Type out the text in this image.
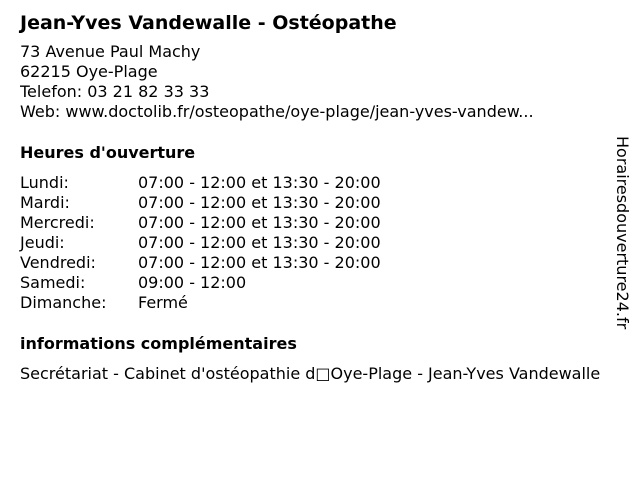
Jean-Yves Vandewalle - Ostéopathe
73 Avenue Paul Machy
62215 Oye-Plage
Telefon: 03 21 82 33 33
Web: www.doctolib.fr/osteopathe/oye-plage/jean-yves-vandew...
Heures d'ouverture
Lundi:	07:00 - 12:00 et 13:30 - 20:00
Mardi:	07:00 - 12:00 et 13:30 - 20:00
Mercredi:	07:00 - 12:00 et 13:30 - 20:00
Jeudi:	07:00 - 12:00 et 13:30 - 20:00
Vendredi:	07:00 - 12:00 et 13:30 - 20:00
Samedi:	09:00 - 12:00
Dimanche:	Fermé
informations complémentaires
Secrétariat - Cabinet d'ostéopathie d□Oye-Plage - Jean-Yves Vandewalle
Horairesdouverture24.fr
